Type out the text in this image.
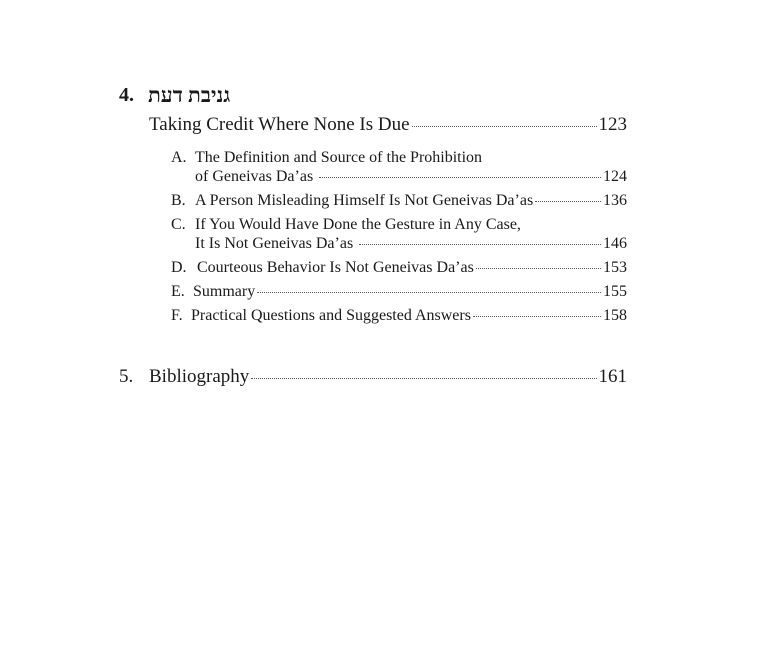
4. גניבת דעת
Taking Credit Where None Is Due	123
A. The Definition and Source of the Prohibition
of Geneivas Da’as	124
B. A Person Misleading Himself Is Not Geneivas Da’as	136
C. If You Would Have Done the Gesture in Any Case,
It Is Not Geneivas Da’as	146
D. Courteous Behavior Is Not Geneivas Da’as	153
E. Summary	155
F. Practical Questions and Suggested Answers	158
5. Bibliography	161
